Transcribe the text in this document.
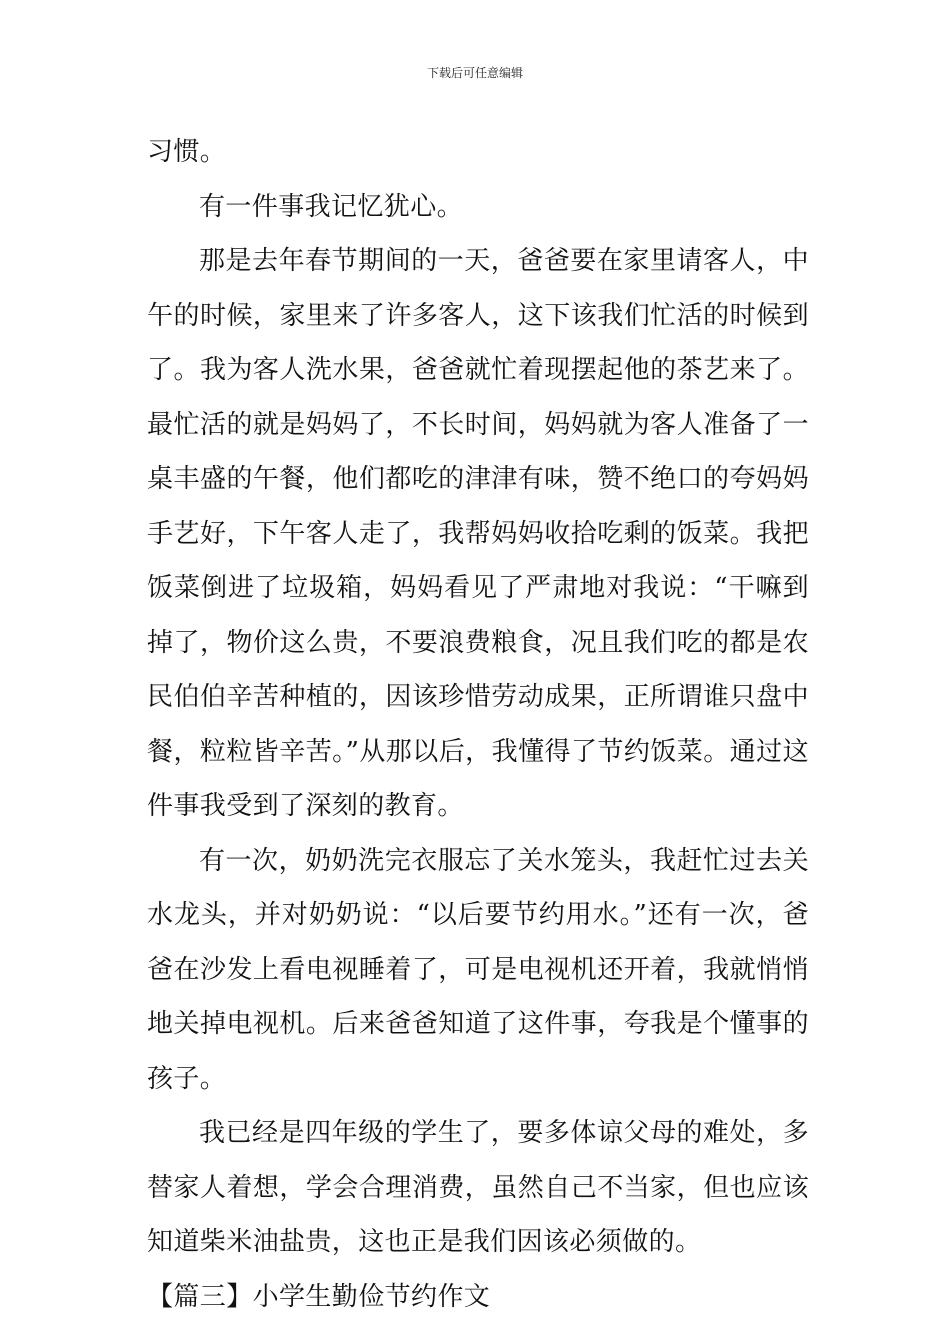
下载后可任意编辑

习惯。

有一件事我记忆犹心。

那是去年春节期间的一天，爸爸要在家里请客人，中午的时候，家里来了许多客人，这下该我们忙活的时候到了。我为客人洗水果，爸爸就忙着现摆起他的茶艺来了。最忙活的就是妈妈了，不长时间，妈妈就为客人准备了一桌丰盛的午餐，他们都吃的津津有味，赞不绝口的夸妈妈手艺好，下午客人走了，我帮妈妈收拾吃剩的饭菜。我把饭菜倒进了垃圾箱，妈妈看见了严肃地对我说：“干嘛到掉了，物价这么贵，不要浪费粮食，况且我们吃的都是农民伯伯辛苦种植的，因该珍惜劳动成果，正所谓谁只盘中餐，粒粒皆辛苦。”从那以后，我懂得了节约饭菜。通过这件事我受到了深刻的教育。

有一次，奶奶洗完衣服忘了关水笼头，我赶忙过去关水龙头，并对奶奶说：“以后要节约用水。”还有一次，爸爸在沙发上看电视睡着了，可是电视机还开着，我就悄悄地关掉电视机。后来爸爸知道了这件事，夸我是个懂事的孩子。

我已经是四年级的学生了，要多体谅父母的难处，多替家人着想，学会合理消费，虽然自己不当家，但也应该知道柴米油盐贵，这也正是我们因该必须做的。

【篇三】小学生勤俭节约作文
